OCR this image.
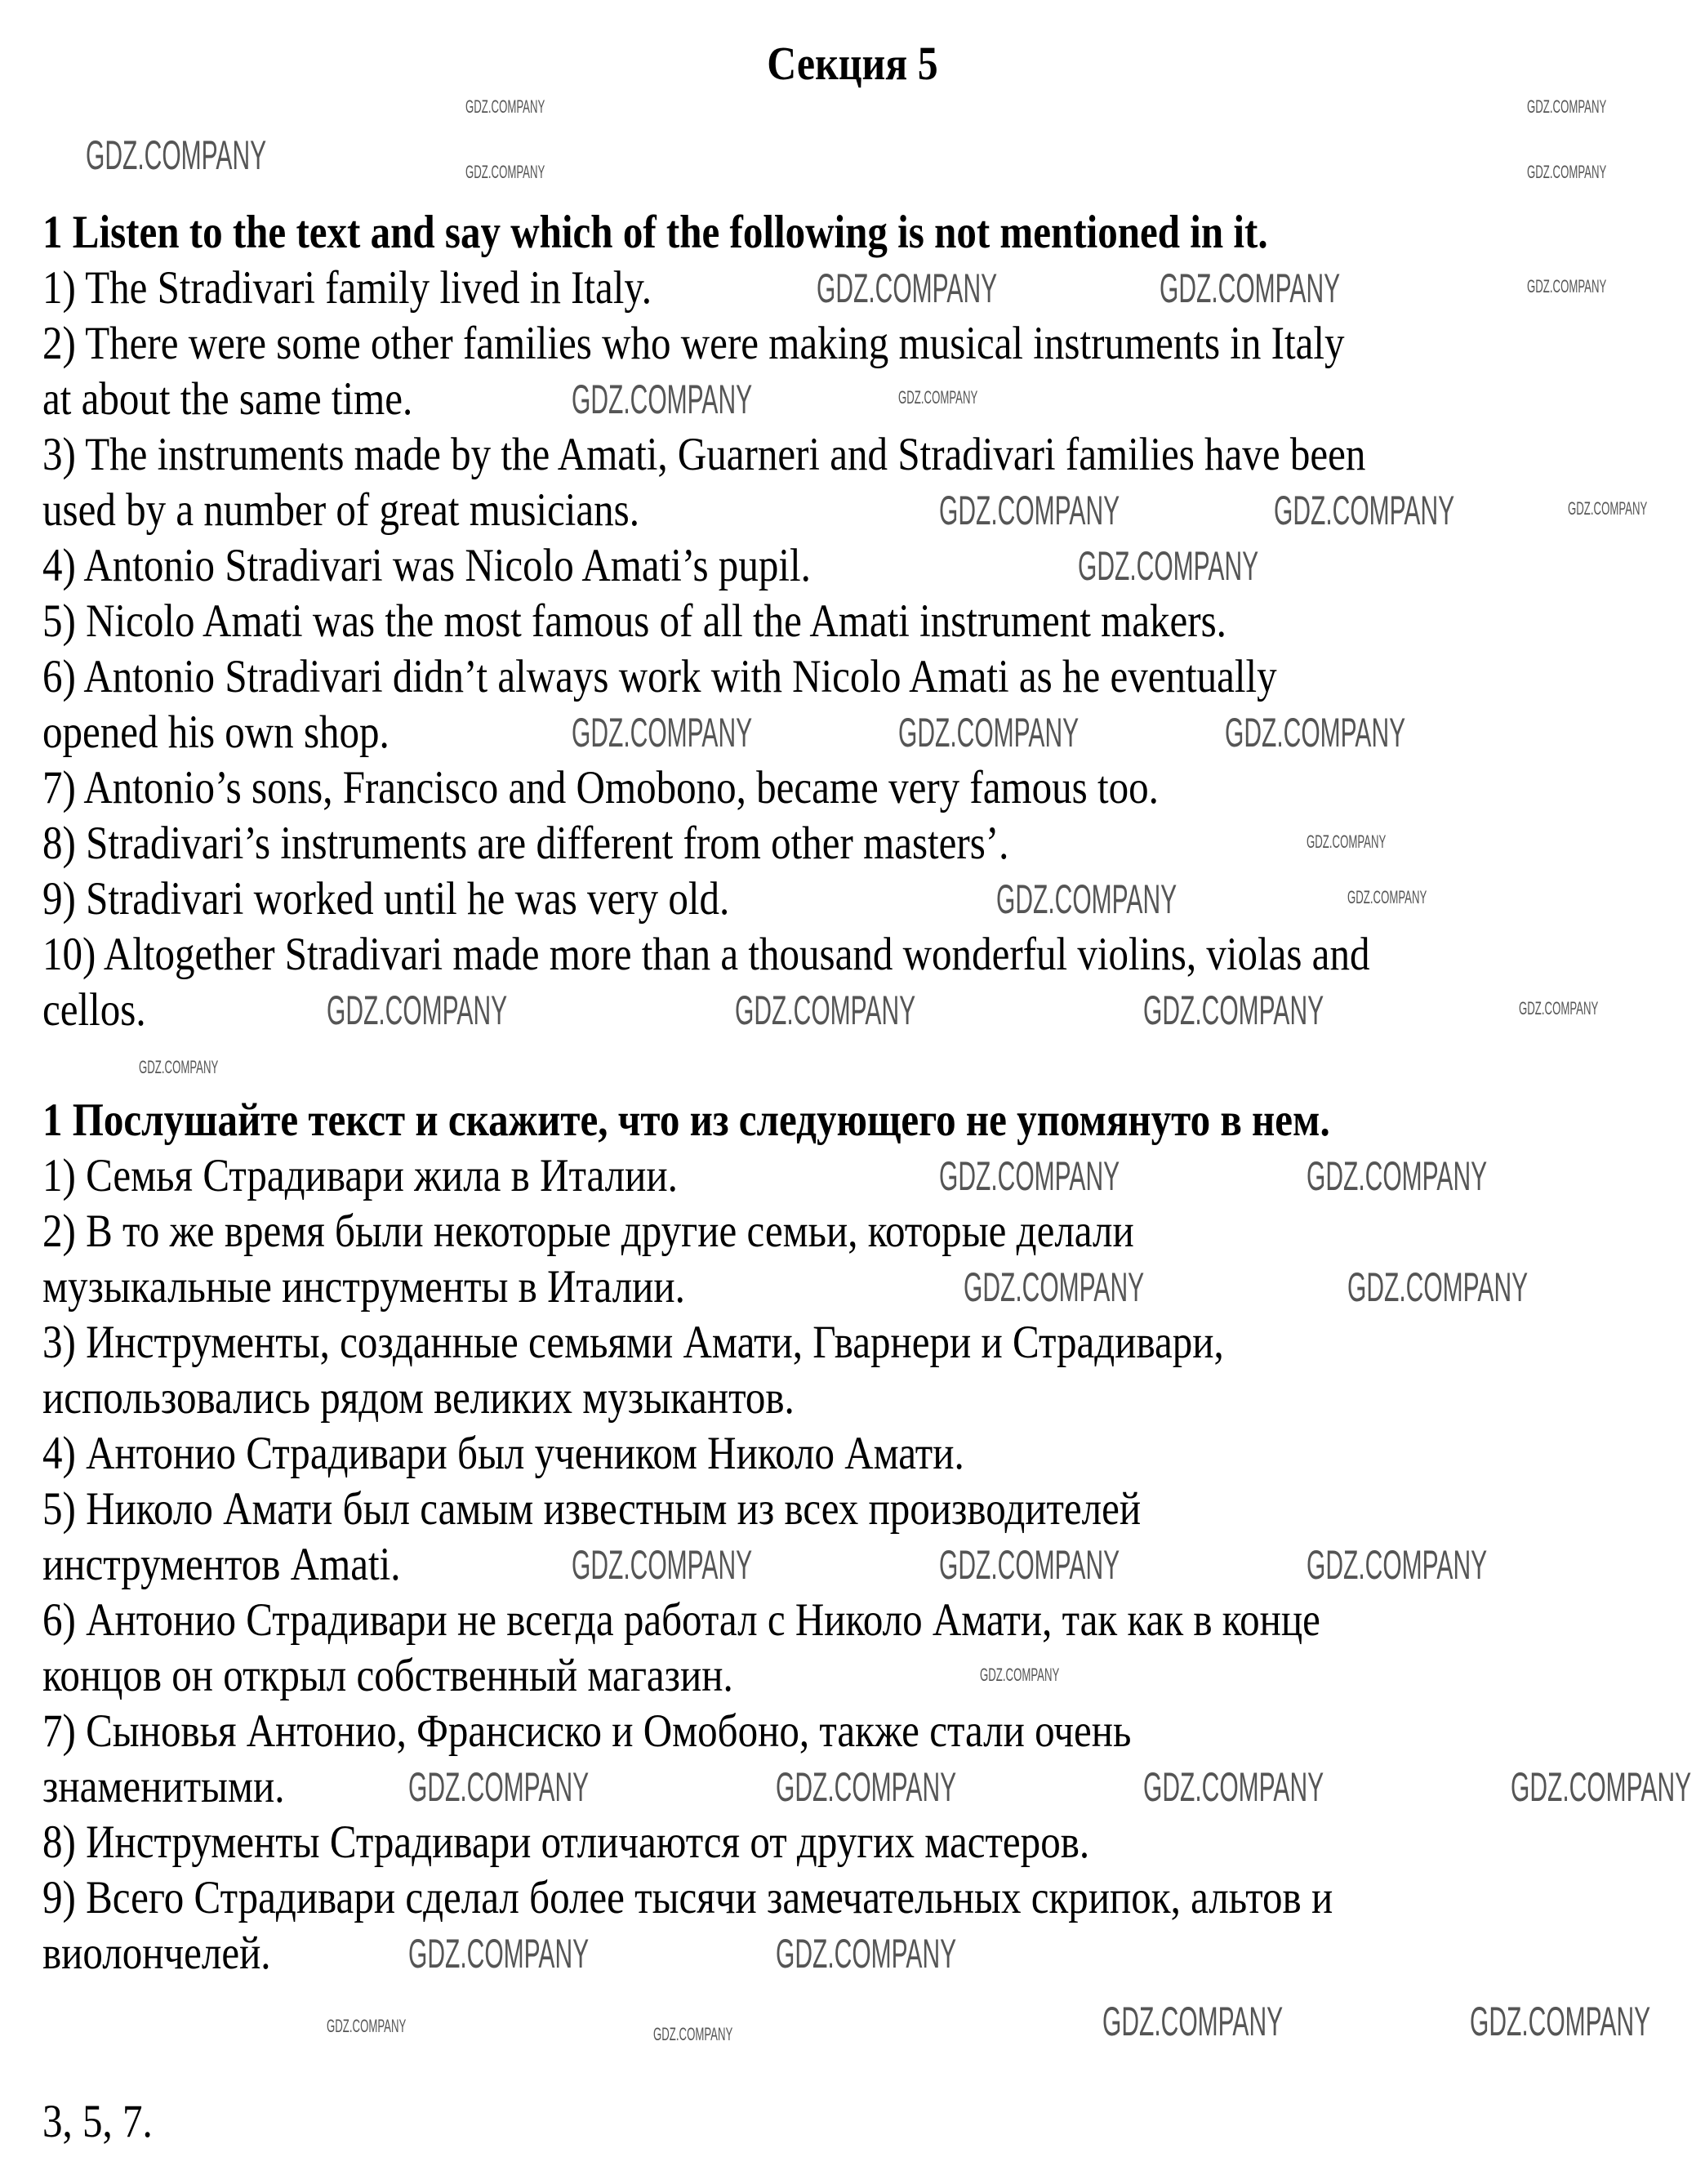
Секция 5
1 Listen to the text and say which of the following is not mentioned in it.
1) The Stradivari family lived in Italy.
2) There were some other families who were making musical instruments in Italy
at about the same time.
3) The instruments made by the Amati, Guarneri and Stradivari families have been
used by a number of great musicians.
4) Antonio Stradivari was Nicolo Amati’s pupil.
5) Nicolo Amati was the most famous of all the Amati instrument makers.
6) Antonio Stradivari didn’t always work with Nicolo Amati as he eventually
opened his own shop.
7) Antonio’s sons, Francisco and Omobono, became very famous too.
8) Stradivari’s instruments are different from other masters’.
9) Stradivari worked until he was very old.
10) Altogether Stradivari made more than a thousand wonderful violins, violas and
cellos.
1 Послушайте текст и скажите, что из следующего не упомянуто в нем.
1) Семья Страдивари жила в Италии.
2) В то же время были некоторые другие семьи, которые делали
музыкальные инструменты в Италии.
3) Инструменты, созданные семьями Амати, Гварнери и Страдивари,
использовались рядом великих музыкантов.
4) Антонио Страдивари был учеником Николо Амати.
5) Николо Амати был самым известным из всех производителей
инструментов Amati.
6) Антонио Страдивари не всегда работал с Николо Амати, так как в конце
концов он открыл собственный магазин.
7) Сыновья Антонио, Франсиско и Омобоно, также стали очень
знаменитыми.
8) Инструменты Страдивари отличаются от других мастеров.
9) Всего Страдивари сделал более тысячи замечательных скрипок, альтов и
виолончелей.
3, 5, 7.
GDZ.COMPANY	GDZ.COMPANY
GDZ.COMPANY	GDZ.COMPANY	GDZ.COMPANY
GDZ.COMPANY	GDZ.COMPANY	GDZ.COMPANY
GDZ.COMPANY	GDZ.COMPANY
GDZ.COMPANY	GDZ.COMPANY	GDZ.COMPANY
GDZ.COMPANY
GDZ.COMPANY	GDZ.COMPANY	GDZ.COMPANY
GDZ.COMPANY
GDZ.COMPANY	GDZ.COMPANY
GDZ.COMPANY	GDZ.COMPANY	GDZ.COMPANY	GDZ.COMPANY
GDZ.COMPANY
GDZ.COMPANY	GDZ.COMPANY
GDZ.COMPANY	GDZ.COMPANY
GDZ.COMPANY	GDZ.COMPANY	GDZ.COMPANY
GDZ.COMPANY
GDZ.COMPANY	GDZ.COMPANY	GDZ.COMPANY	GDZ.COMPANY
GDZ.COMPANY	GDZ.COMPANY
GDZ.COMPANY	GDZ.COMPANY
GDZ.COMPANY	GDZ.COMPANY
